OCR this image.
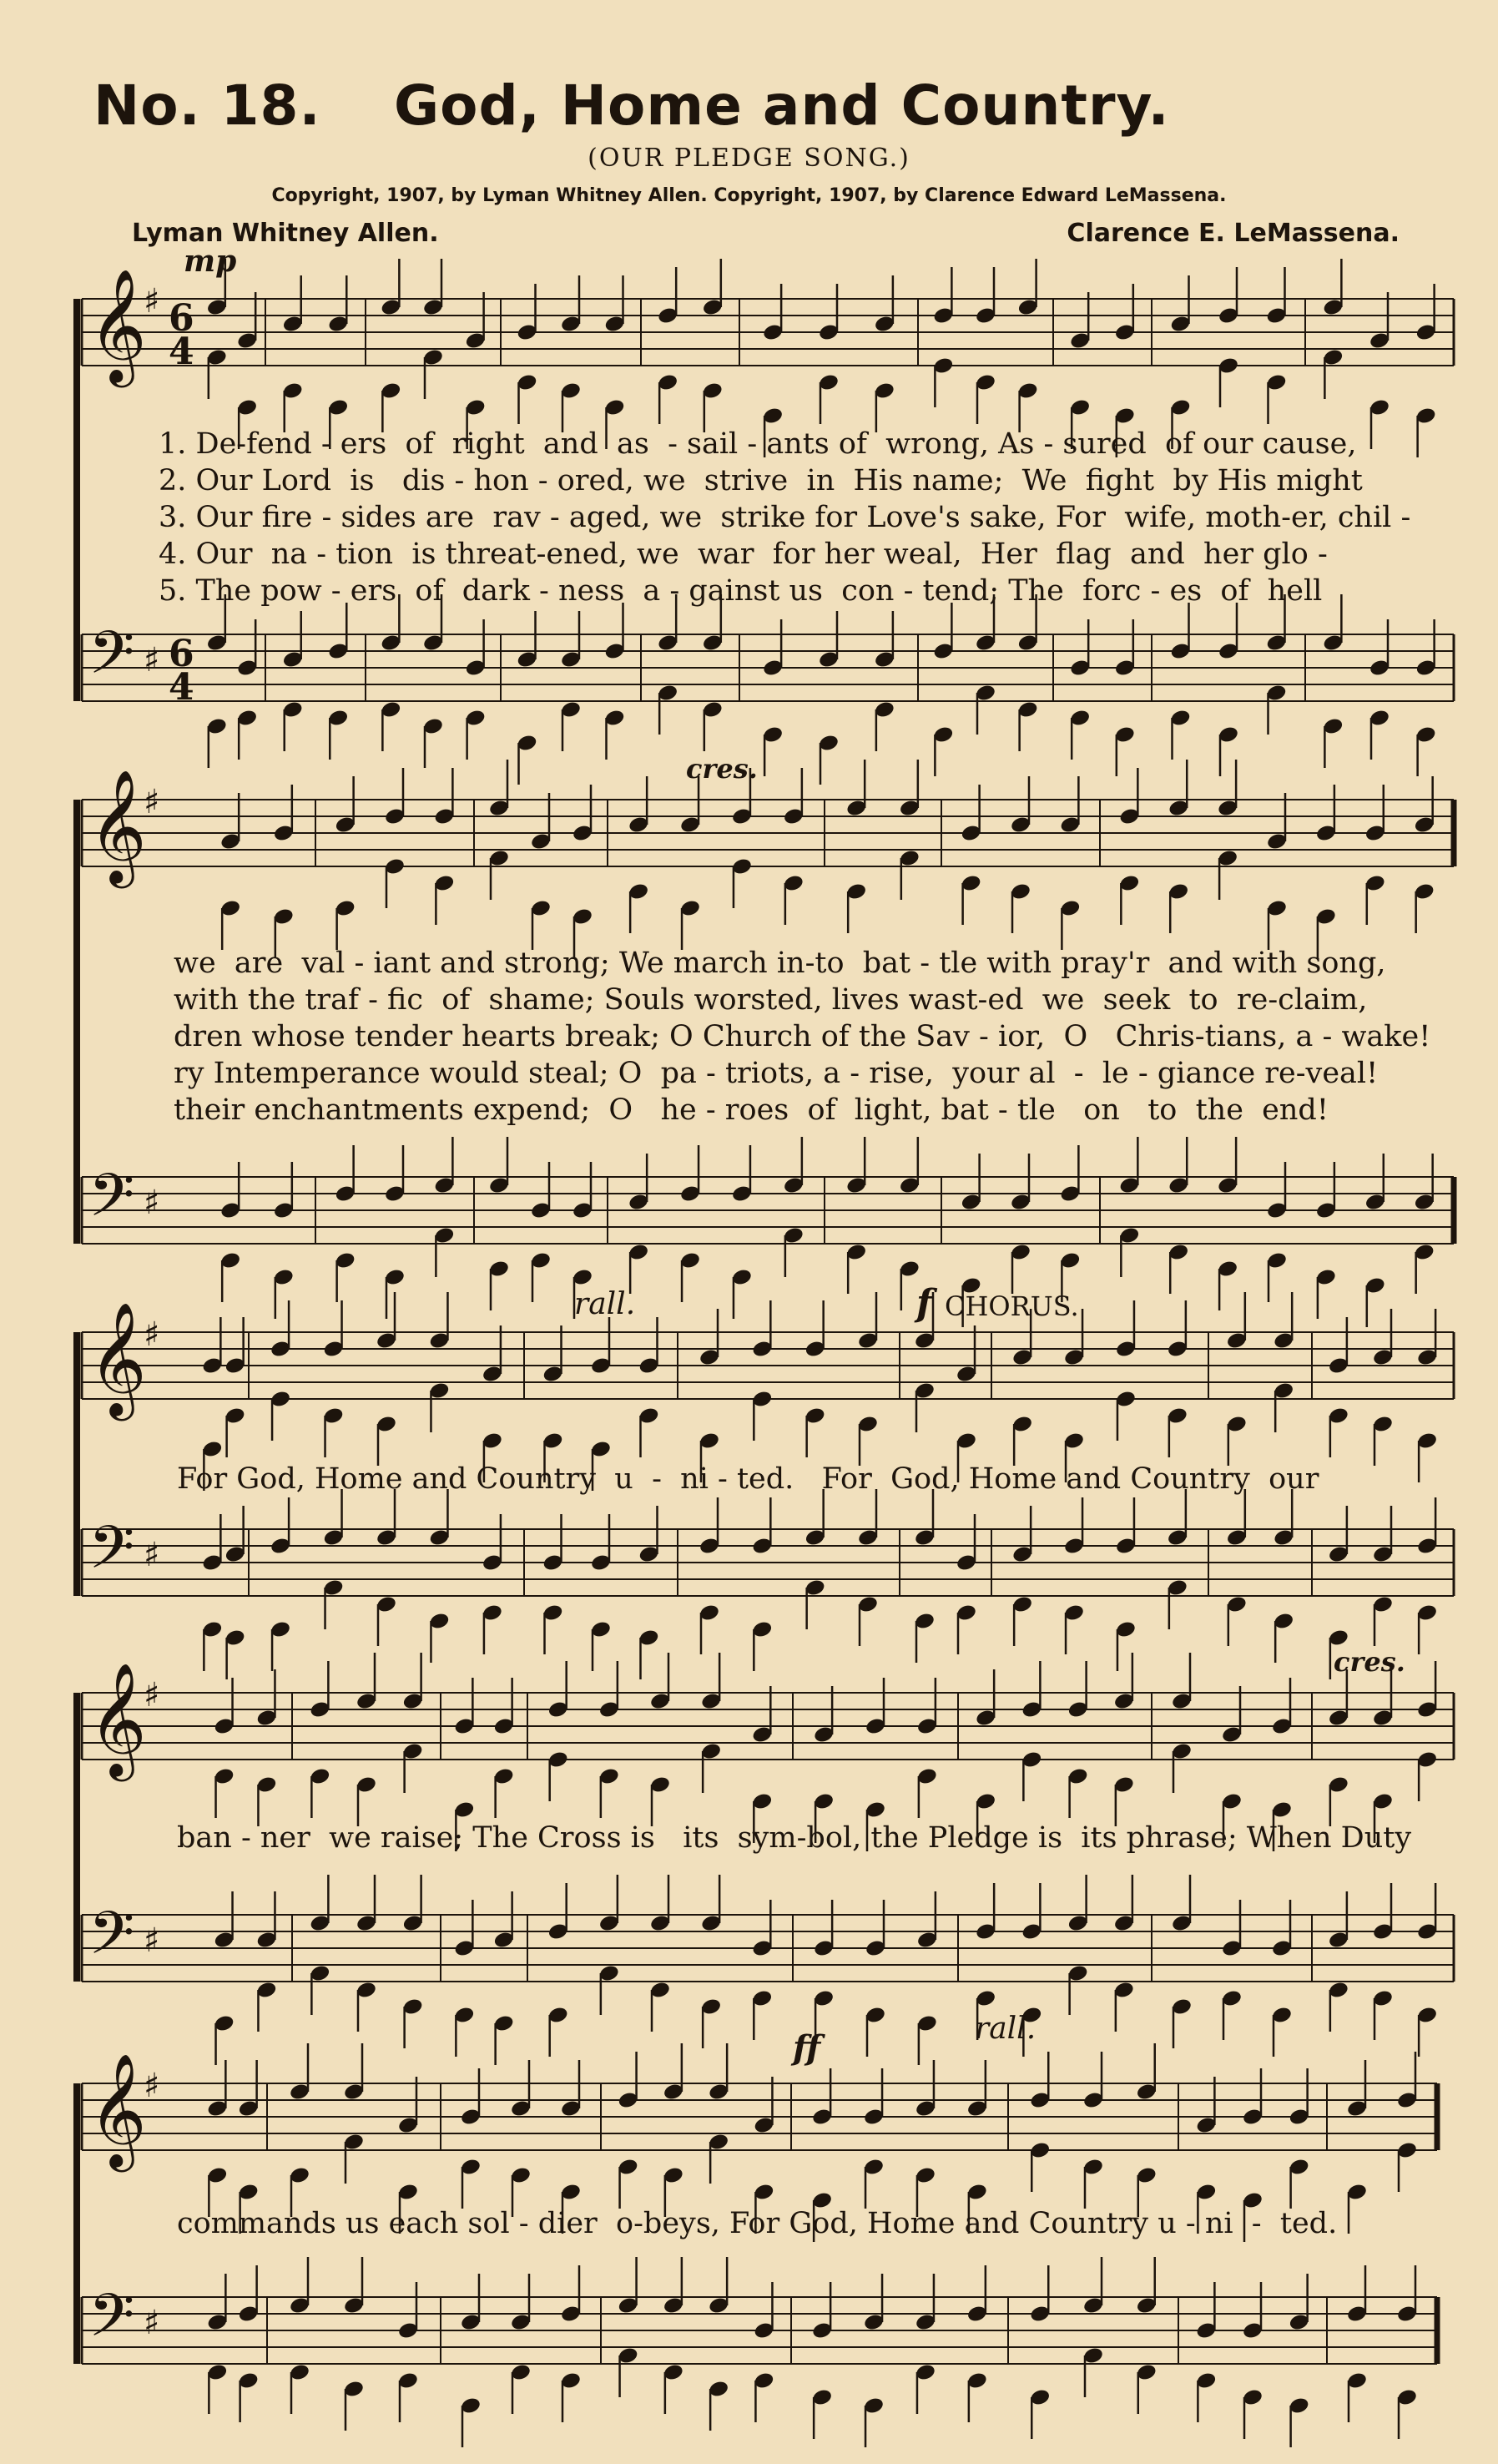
No. 18. God, Home and Country.
(OUR PLEDGE SONG.)
Copyright, 1907, by Lyman Whitney Allen. Copyright, 1907, by Clarence Edward LeMassena.
Lyman Whitney Allen.	Clarence E. LeMassena.
𝄞
♯ 6
4
𝄢 ♯ 6
4
𝄞
♯
𝄢 ♯
𝄞
♯
𝄢 ♯
𝄞
♯
𝄢 ♯
𝄞
♯
𝄢 ♯
mp
cres.
rall.	f CHORUS.
cres.
ff	rall.
1. De-fend - ers  of  right  and  as  - sail - ants of  wrong, As - sured  of our cause,
2. Our Lord  is   dis - hon - ored, we  strive  in  His name;  We  fight  by His might
3. Our fire - sides are  rav - aged, we  strike for Love's sake, For  wife, moth-er, chil -
4. Our  na - tion  is threat-ened, we  war  for her weal,  Her  flag  and  her glo -
5. The pow - ers  of  dark - ness  a - gainst us  con - tend; The  forc - es  of  hell
we  are  val - iant and strong; We march in-to  bat - tle with pray'r  and with song,
with the traf - fic  of  shame; Souls worsted, lives wast-ed  we  seek  to  re-claim,
dren whose tender hearts break; O Church of the Sav - ior,  O   Chris-tians, a - wake!
ry Intemperance would steal; O  pa - triots, a - rise,  your al  -  le - giance re-veal!
their enchantments expend;  O   he - roes  of  light, bat - tle   on   to  the  end!
For God, Home and Country  u  -  ni - ted.   For  God, Home and Country  our
ban - ner  we raise; The Cross is   its  sym-bol, the Pledge is  its phrase; When Duty
commands us each sol - dier  o-beys, For God, Home and Country u - ni  -  ted.
